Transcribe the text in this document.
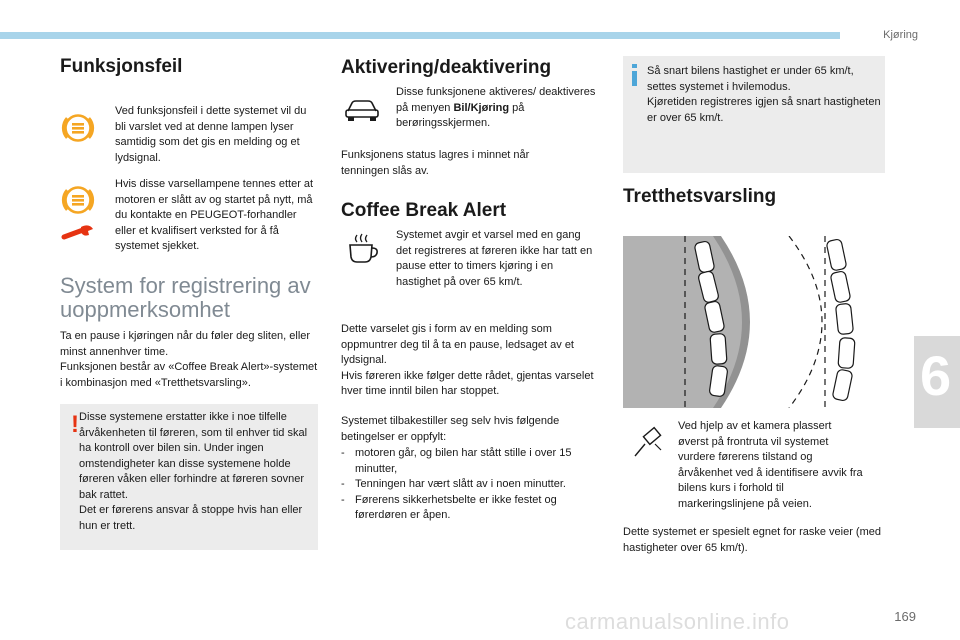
Kjøring
6
carmanualsonline.info	169
Funksjonsfeil

Ved funksjonsfeil i dette systemet vil du bli varslet ved at denne lampen lyser samtidig som det gis en melding og et lydsignal.

Hvis disse varsellampene tennes etter at motoren er slått av og startet på nytt, må du kontakte en PEUGEOT-forhandler eller et kvalifisert verksted for å få systemet sjekket.

System for registrering av
uoppmerksomhet

Ta en pause i kjøringen når du føler deg sliten, eller minst annenhver time.
Funksjonen består av «Coffee Break Alert»-systemet i kombinasjon med «Tretthetsvarsling».

! Disse systemene erstatter ikke i noe tilfelle årvåkenheten til føreren, som til enhver tid skal ha kontroll over bilen sin. Under ingen omstendigheter kan disse systemene holde føreren våken eller forhindre at føreren sovner bak rattet.
Det er førerens ansvar å stoppe hvis han eller hun er trett.

Aktivering/deaktivering

Disse funksjonene aktiveres/ deaktiveres på menyen Bil/Kjøring på berøringsskjermen.

Funksjonens status lagres i minnet når tenningen slås av.

Coffee Break Alert

Systemet avgir et varsel med en gang det registreres at føreren ikke har tatt en pause etter to timers kjøring i en hastighet på over 65 km/t.

Dette varselet gis i form av en melding som oppmuntrer deg til å ta en pause, ledsaget av et lydsignal.
Hvis føreren ikke følger dette rådet, gjentas varselet hver time inntil bilen har stoppet.

Systemet tilbakestiller seg selv hvis følgende betingelser er oppfylt:

- motoren går, og bilen har stått stille i over 15 minutter,
- Tenningen har vært slått av i noen minutter.
- Førerens sikkerhetsbelte er ikke festet og førerdøren er åpen.

Så snart bilens hastighet er under 65 km/t, settes systemet i hvilemodus.
Kjøretiden registreres igjen så snart hastigheten er over 65 km/t.

Tretthetsvarsling

Ved hjelp av et kamera plassert øverst på frontruta vil systemet vurdere førerens tilstand og årvåkenhet ved å identifisere avvik fra bilens kurs i forhold til markeringslinjene på veien.

Dette systemet er spesielt egnet for raske veier (med hastigheter over 65 km/t).
